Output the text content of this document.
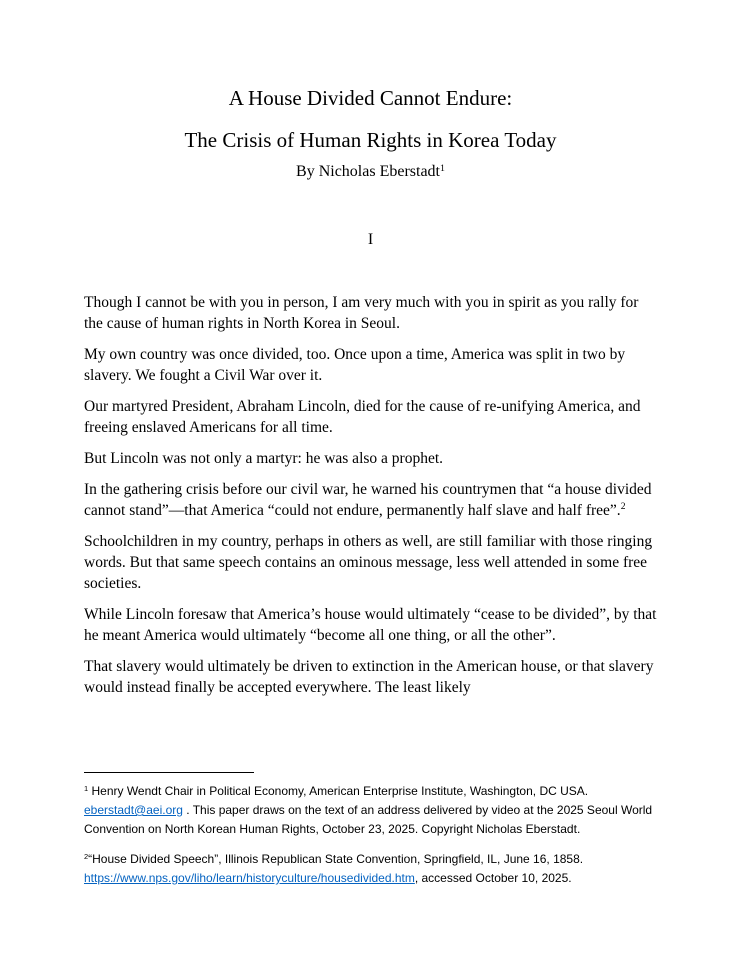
A House Divided Cannot Endure:
The Crisis of Human Rights in Korea Today

By Nicholas Eberstadt$^1$

I

Though I cannot be with you in person, I am very much with you in spirit as you rally for the cause of human rights in North Korea in Seoul.

My own country was once divided, too. Once upon a time, America was split in two by slavery. We fought a Civil War over it.

Our martyred President, Abraham Lincoln, died for the cause of re-unifying America, and freeing enslaved Americans for all time.

But Lincoln was not only a martyr: he was also a prophet.

In the gathering crisis before our civil war, he warned his countrymen that “a house divided cannot stand”—that America “could not endure, permanently half slave and half free”.$^2$

Schoolchildren in my country, perhaps in others as well, are still familiar with those ringing words. But that same speech contains an ominous message, less well attended in some free societies.

While Lincoln foresaw that America’s house would ultimately “cease to be divided”, by that he meant America would ultimately “become all one thing, or all the other”.

That slavery would ultimately be driven to extinction in the American house, or that slavery would instead finally be accepted everywhere. The least likely

$^1$ Henry Wendt Chair in Political Economy, American Enterprise Institute, Washington, DC USA. eberstadt@aei.org . This paper draws on the text of an address delivered by video at the 2025 Seoul World Convention on North Korean Human Rights, October 23, 2025. Copyright Nicholas Eberstadt.
$^2$“House Divided Speech”, Illinois Republican State Convention, Springfield, IL, June 16, 1858. https://www.nps.gov/liho/learn/historyculture/housedivided.htm, accessed October 10, 2025.
